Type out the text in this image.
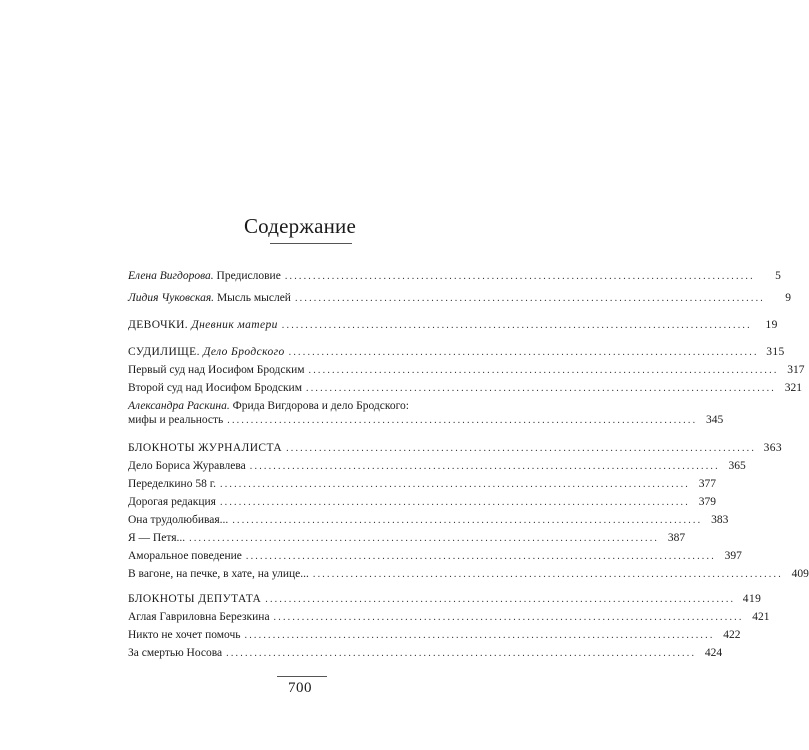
Содержание
Елена Вигдорова. Предисловие ....................................................................................................	5
Лидия Чуковская. Мысль мыслей ....................................................................................................	9
ДЕВОЧКИ. Дневник матери ....................................................................................................	19
СУДИЛИЩЕ. Дело Бродского .................................................................................................... 315
Первый суд над Иосифом Бродским .................................................................................................... 317
Второй суд над Иосифом Бродским .................................................................................................... 321
Александра Раскина. Фрида Вигдорова и дело Бродского:
мифы и реальность .................................................................................................... 345
БЛОКНОТЫ ЖУРНАЛИСТА .................................................................................................... 363
Дело Бориса Журавлева .................................................................................................... 365
Переделкино 58 г. .................................................................................................... 377
Дорогая редакция .................................................................................................... 379
Она трудолюбивая... .................................................................................................... 383
Я — Петя... .................................................................................................... 387
Аморальное поведение .................................................................................................... 397
В вагоне, на печке, в хате, на улице... .................................................................................................... 409
БЛОКНОТЫ ДЕПУТАТА .................................................................................................... 419
Аглая Гавриловна Березкина .................................................................................................... 421
Никто не хочет помочь .................................................................................................... 422
За смертью Носова .................................................................................................... 424
700
